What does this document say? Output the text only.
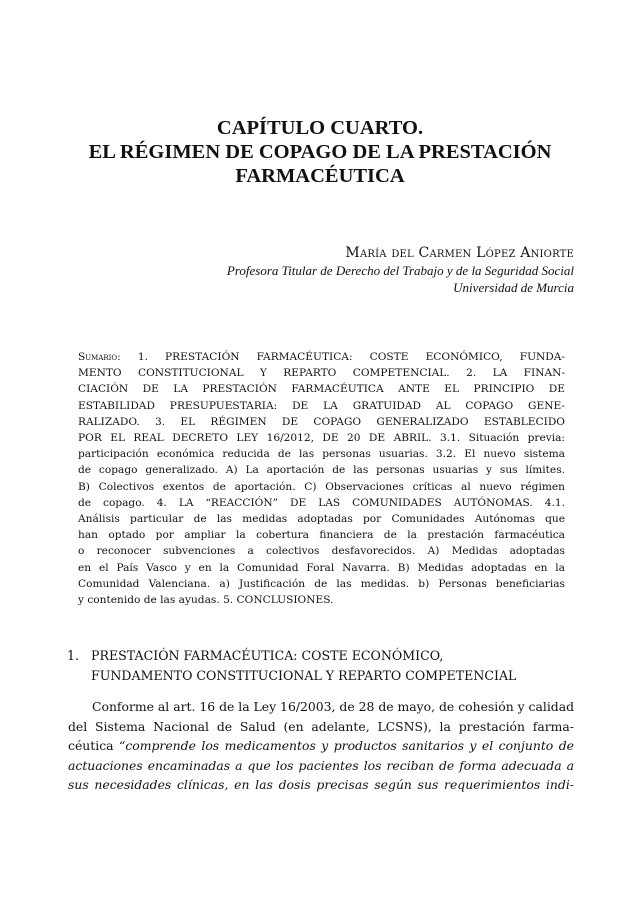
CAPÍTULO CUARTO.
EL RÉGIMEN DE COPAGO DE LA PRESTACIÓN
FARMACÉUTICA
María del Carmen López Aniorte
Profesora Titular de Derecho del Trabajo y de la Seguridad Social
Universidad de Murcia
Sumario: 1. PRESTACIÓN FARMACÉUTICA: COSTE ECONÓMICO, FUNDA-
MENTO CONSTITUCIONAL Y REPARTO COMPETENCIAL. 2. LA FINAN-
CIACIÓN DE LA PRESTACIÓN FARMACÉUTICA ANTE EL PRINCIPIO DE
ESTABILIDAD PRESUPUESTARIA: DE LA GRATUIDAD AL COPAGO GENE-
RALIZADO. 3. EL RÉGIMEN DE COPAGO GENERALIZADO ESTABLECIDO
POR EL REAL DECRETO LEY 16/2012, DE 20 DE ABRIL. 3.1. Situación previa:
participación económica reducida de las personas usuarias. 3.2. El nuevo sistema
de copago generalizado. A) La aportación de las personas usuarias y sus límites.
B) Colectivos exentos de aportación. C) Observaciones críticas al nuevo régimen
de copago. 4. LA “REACCIÓN” DE LAS COMUNIDADES AUTÓNOMAS. 4.1.
Análisis particular de las medidas adoptadas por Comunidades Autónomas que
han optado por ampliar la cobertura financiera de la prestación farmacéutica
o reconocer subvenciones a colectivos desfavorecidos. A) Medidas adoptadas
en el País Vasco y en la Comunidad Foral Navarra. B) Medidas adoptadas en la
Comunidad Valenciana. a) Justificación de las medidas. b) Personas beneficiarias
y contenido de las ayudas. 5. CONCLUSIONES.
1. PRESTACIÓN FARMACÉUTICA: COSTE ECONÓMICO,
FUNDAMENTO CONSTITUCIONAL Y REPARTO COMPETENCIAL
Conforme al art. 16 de la Ley 16/2003, de 28 de mayo, de cohesión y calidad
del Sistema Nacional de Salud (en adelante, LCSNS), la prestación farma-
céutica “comprende los medicamentos y productos sanitarios y el conjunto de
actuaciones encaminadas a que los pacientes los reciban de forma adecuada a
sus necesidades clínicas, en las dosis precisas según sus requerimientos indi-
